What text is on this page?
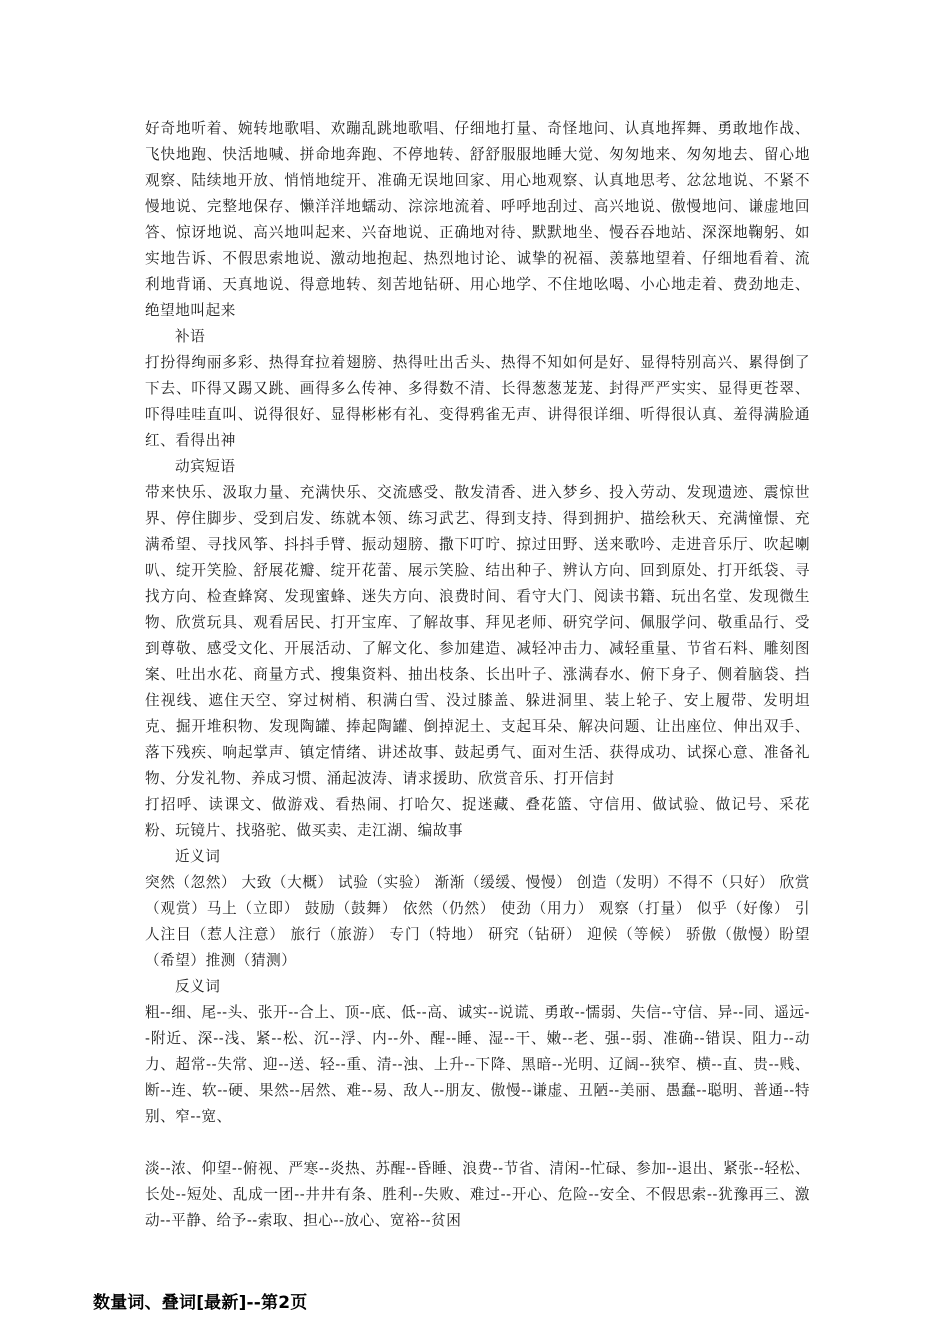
好奇地听着、婉转地歌唱、欢蹦乱跳地歌唱、仔细地打量、奇怪地问、认真地挥舞、勇敢地作战、飞快地跑、快活地喊、拼命地奔跑、不停地转、舒舒服服地睡大觉、匆匆地来、匆匆地去、留心地观察、陆续地开放、悄悄地绽开、准确无误地回家、用心地观察、认真地思考、忿忿地说、不紧不慢地说、完整地保存、懒洋洋地蠕动、淙淙地流着、呼呼地刮过、高兴地说、傲慢地问、谦虚地回答、惊讶地说、高兴地叫起来、兴奋地说、正确地对待、默默地坐、慢吞吞地站、深深地鞠躬、如实地告诉、不假思索地说、激动地抱起、热烈地讨论、诚挚的祝福、羡慕地望着、仔细地看着、流利地背诵、天真地说、得意地转、刻苦地钻研、用心地学、不住地吆喝、小心地走着、费劲地走、绝望地叫起来

补语

打扮得绚丽多彩、热得耷拉着翅膀、热得吐出舌头、热得不知如何是好、显得特别高兴、累得倒了下去、吓得又踢又跳、画得多么传神、多得数不清、长得葱葱茏茏、封得严严实实、显得更苍翠、吓得哇哇直叫、说得很好、显得彬彬有礼、变得鸦雀无声、讲得很详细、听得很认真、羞得满脸通红、看得出神

动宾短语

带来快乐、汲取力量、充满快乐、交流感受、散发清香、进入梦乡、投入劳动、发现遗迹、震惊世界、停住脚步、受到启发、练就本领、练习武艺、得到支持、得到拥护、描绘秋天、充满憧憬、充满希望、寻找风筝、抖抖手臂、振动翅膀、撒下叮咛、掠过田野、送来歌吟、走进音乐厅、吹起喇叭、绽开笑脸、舒展花瓣、绽开花蕾、展示笑脸、结出种子、辨认方向、回到原处、打开纸袋、寻找方向、检查蜂窝、发现蜜蜂、迷失方向、浪费时间、看守大门、阅读书籍、玩出名堂、发现微生物、欣赏玩具、观看居民、打开宝库、了解故事、拜见老师、研究学问、佩服学问、敬重品行、受到尊敬、感受文化、开展活动、了解文化、参加建造、减轻冲击力、减轻重量、节省石料、雕刻图案、吐出水花、商量方式、搜集资料、抽出枝条、长出叶子、涨满春水、俯下身子、侧着脑袋、挡住视线、遮住天空、穿过树梢、积满白雪、没过膝盖、躲进洞里、装上轮子、安上履带、发明坦克、掘开堆积物、发现陶罐、捧起陶罐、倒掉泥土、支起耳朵、解决问题、让出座位、伸出双手、落下残疾、响起掌声、镇定情绪、讲述故事、鼓起勇气、面对生活、获得成功、试探心意、准备礼物、分发礼物、养成习惯、涌起波涛、请求援助、欣赏音乐、打开信封

打招呼、读课文、做游戏、看热闹、打哈欠、捉迷藏、叠花篮、守信用、做试验、做记号、采花粉、玩镜片、找骆驼、做买卖、走江湖、编故事

近义词

突然（忽然） 大致（大概） 试验（实验） 渐渐（缓缓、慢慢） 创造（发明）不得不（只好） 欣赏（观赏）马上（立即） 鼓励（鼓舞） 依然（仍然） 使劲（用力） 观察（打量） 似乎（好像） 引人注目（惹人注意） 旅行（旅游） 专门（特地） 研究（钻研） 迎候（等候） 骄傲（傲慢）盼望（希望）推测（猜测）

反义词

粗--细、尾--头、张开--合上、顶--底、低--高、诚实--说谎、勇敢--懦弱、失信--守信、异--同、遥远--附近、深--浅、紧--松、沉--浮、内--外、醒--睡、湿--干、嫩--老、强--弱、准确--错误、阻力--动力、超常--失常、迎--送、轻--重、清--浊、上升--下降、黑暗--光明、辽阔--狭窄、横--直、贵--贱、断--连、软--硬、果然--居然、难--易、敌人--朋友、傲慢--谦虚、丑陋--美丽、愚蠢--聪明、普通--特别、窄--宽、

淡--浓、仰望--俯视、严寒--炎热、苏醒--昏睡、浪费--节省、清闲--忙碌、参加--退出、紧张--轻松、长处--短处、乱成一团--井井有条、胜利--失败、难过--开心、危险--安全、不假思索--犹豫再三、激动--平静、给予--索取、担心--放心、宽裕--贫困

数量词、叠词[最新]--第2页
